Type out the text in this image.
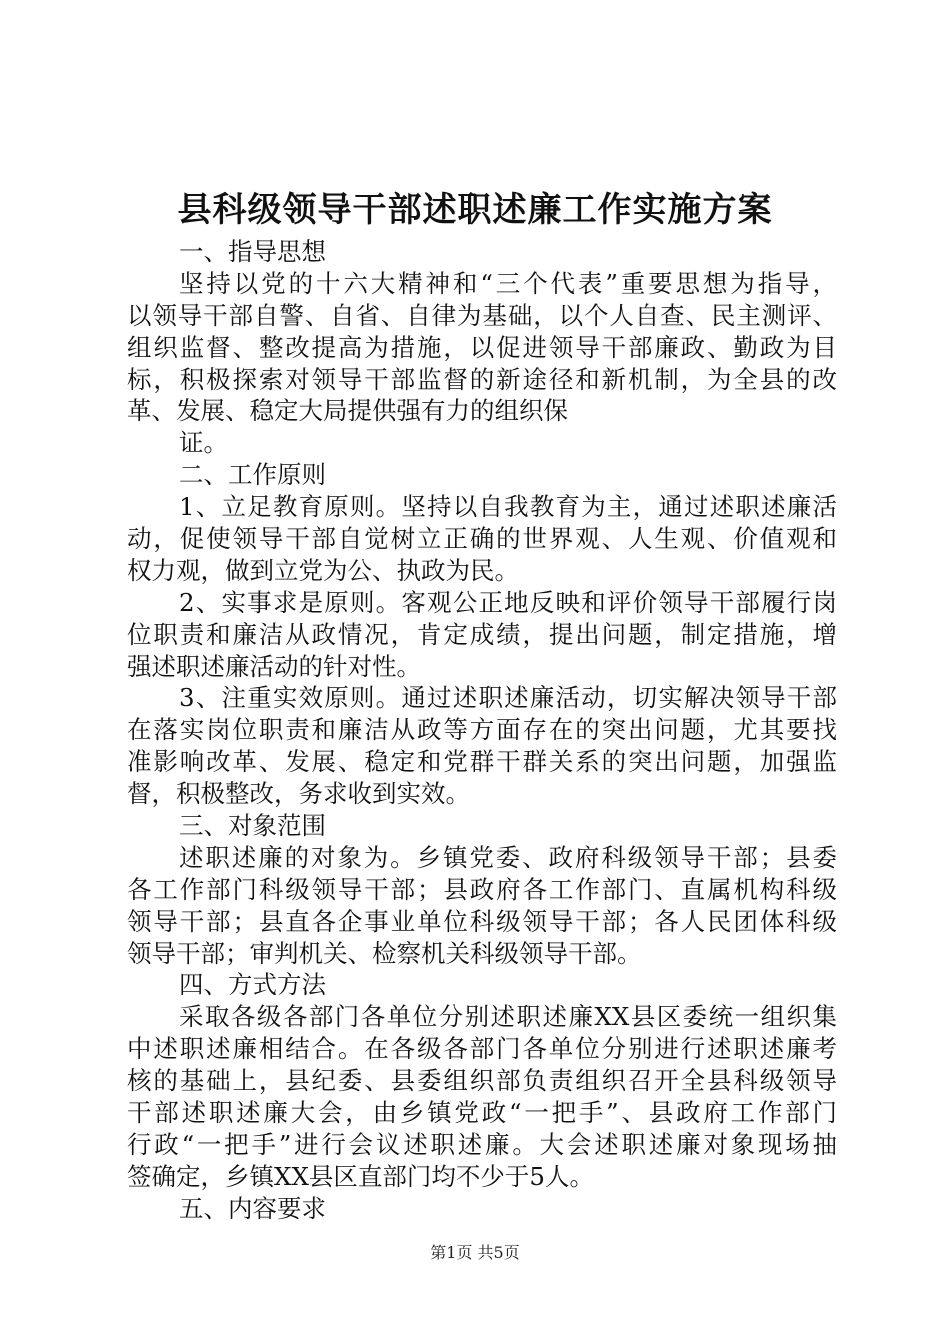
县科级领导干部述职述廉工作实施方案
一、指导思想
坚持以党的十六大精神和“三个代表”重要思想为指导，
以领导干部自警、自省、自律为基础，以个人自查、民主测评、
组织监督、整改提高为措施，以促进领导干部廉政、勤政为目
标，积极探索对领导干部监督的新途径和新机制，为全县的改
革、发展、稳定大局提供强有力的组织保
证。
二、工作原则
1、立足教育原则。坚持以自我教育为主，通过述职述廉活
动，促使领导干部自觉树立正确的世界观、人生观、价值观和
权力观，做到立党为公、执政为民。
2、实事求是原则。客观公正地反映和评价领导干部履行岗
位职责和廉洁从政情况，肯定成绩，提出问题，制定措施，增
强述职述廉活动的针对性。
3、注重实效原则。通过述职述廉活动，切实解决领导干部
在落实岗位职责和廉洁从政等方面存在的突出问题，尤其要找
准影响改革、发展、稳定和党群干群关系的突出问题，加强监
督，积极整改，务求收到实效。
三、对象范围
述职述廉的对象为。乡镇党委、政府科级领导干部；县委
各工作部门科级领导干部；县政府各工作部门、直属机构科级
领导干部；县直各企事业单位科级领导干部；各人民团体科级
领导干部；审判机关、检察机关科级领导干部。
四、方式方法
采取各级各部门各单位分别述职述廉XX县区委统一组织集
中述职述廉相结合。在各级各部门各单位分别进行述职述廉考
核的基础上，县纪委、县委组织部负责组织召开全县科级领导
干部述职述廉大会，由乡镇党政“一把手”、县政府工作部门
行政“一把手”进行会议述职述廉。大会述职述廉对象现场抽
签确定，乡镇XX县区直部门均不少于5人。
五、内容要求
第1页 共5页
